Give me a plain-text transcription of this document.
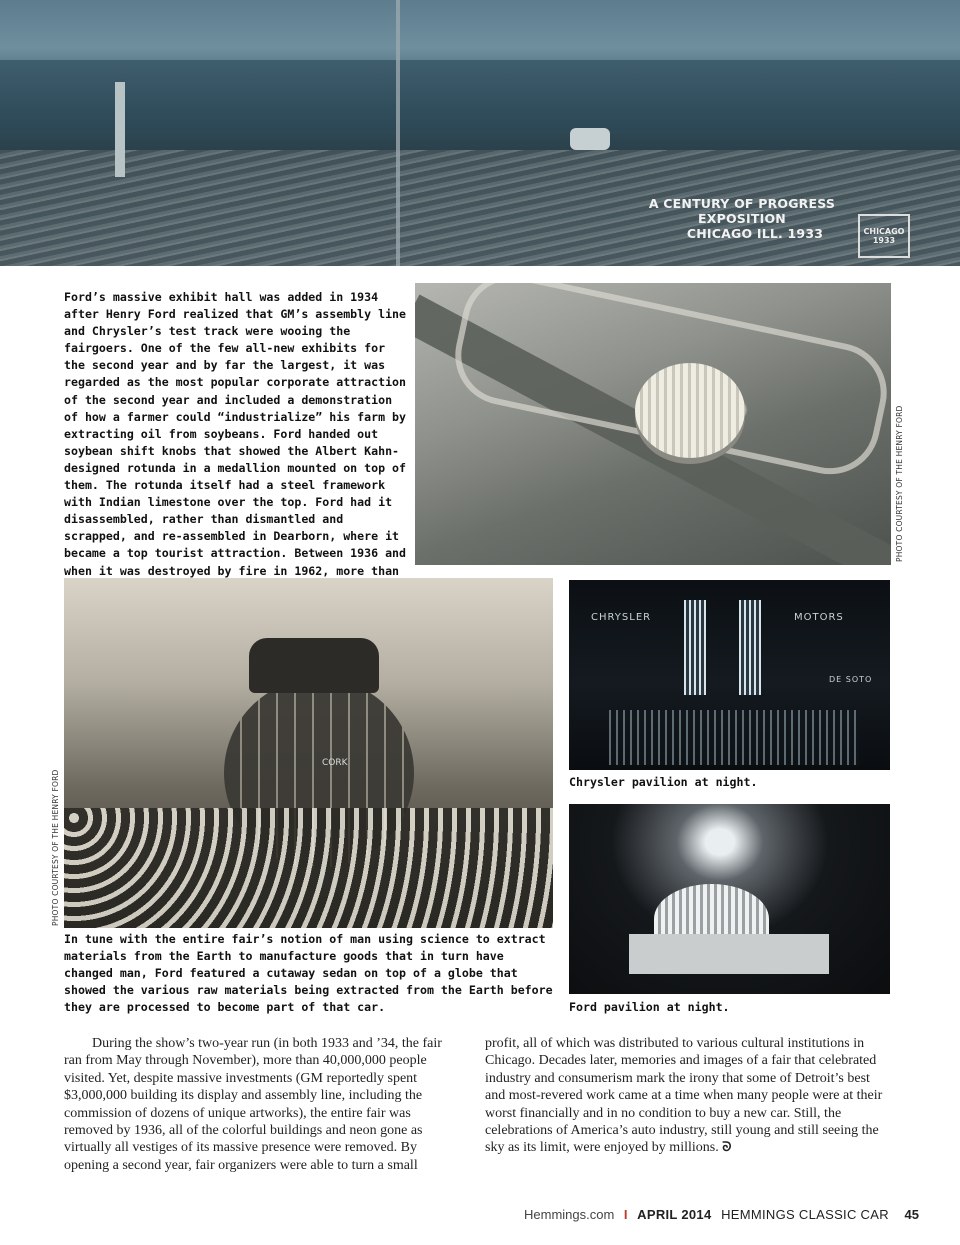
A CENTURY OF PROGRESS EXPOSITION

CHICAGO ILL. 1933	CHICAGO 1933
Ford’s massive exhibit hall was added in 1934 after Henry Ford realized that GM’s assembly line and Chrysler’s test track were wooing the fairgoers. One of the few all-new exhibits for the second year and by far the largest, it was regarded as the most popular corporate attraction of the second year and included a demonstration of how a farmer could “industrialize” his farm by extracting oil from soybeans. Ford handed out soybean shift knobs that showed the Albert Kahn-designed rotunda in a medallion mounted on top of them. The rotunda itself had a steel framework with Indian limestone over the top. Ford had it disassembled, rather than dismantled and scrapped, and re-assembled in Dearborn, where it became a top tourist attraction. Between 1936 and when it was destroyed by fire in 1962, more than
PHOTO COURTESY OF THE HENRY FORD
CORK
PHOTO COURTESY OF THE HENRY FORD
In tune with the entire fair’s notion of man using science to extract materials from the Earth to manufacture goods that in turn have changed man, Ford featured a cutaway sedan on top of a globe that showed the various raw materials being extracted from the Earth before they are processed to become part of that car.
CHRYSLER	MOTORS
DE SOTO
Chrysler pavilion at night.
Ford pavilion at night.
During the show’s two-year run (in both 1933 and ’34, the fair ran from May through November), more than 40,000,000 people visited. Yet, despite massive investments (GM reportedly spent $3,000,000 building its display and assembly line, including the commission of dozens of unique artworks), the entire fair was removed by 1936, all of the colorful buildings and neon gone as virtually all vestiges of its massive presence were removed. By opening a second year, fair organizers were able to turn a small
profit, all of which was distributed to various cultural institutions in Chicago. Decades later, memories and images of a fair that celebrated industry and consumerism mark the irony that some of Detroit’s best and most-revered work came at a time when many people were at their worst financially and in no condition to buy a new car. Still, the celebrations of America’s auto industry, still young and still seeing the sky as its limit, were enjoyed by millions. ᘐ
Hemmings.com I APRIL 2014 HEMMINGS CLASSIC CAR 45
